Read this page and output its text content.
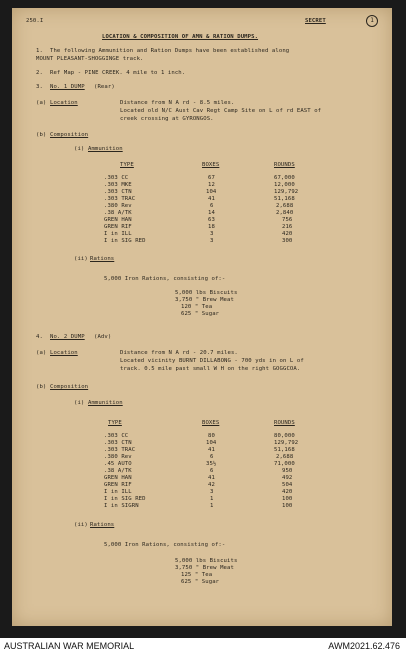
250.I	SECRET	1
LOCATION & COMPOSITION OF AMN & RATION DUMPS.
1. The following Ammunition and Ration Dumps have been established along
MOUNT PLEASANT-SHOGGINGE track.
2. Ref Map - PINE CREEK. 4 mile to 1 inch.
3. No. 1 DUMP (Rear)
(a) Location	Distance from N A rd - 8.5 miles.
Located old N/C Aust Cav Regt Camp Site on L of rd EAST of
creek crossing at GYRONGOS.
(b) Composition
(i) Ammunition
TYPE	BOXES	ROUNDS
.303 CC	67	67,000
.303 MKE	12	12,000
.303 CTN	104	129,792
.303 TRAC	41	51,168
.380 Rev	6	2,688
.38 A/TK	14	2,840
GREN HAN	63	756
GREN RIF	18	216
I in ILL	3	420
I in SIG RED	3	300
(ii) Rations
5,000 Iron Rations, consisting of:-
5,000 lbs Biscuits
3,750 " Brew Meat
120 " Tea
625 " Sugar
4. No. 2 DUMP (Adv)
(a) Location	Distance from N A rd - 20.7 miles.
Located vicinity BURNT DILLABONG - 700 yds in on L of
track. 0.5 mile past small W H on the right GOGGCOA.
(b) Composition
(i) Ammunition
TYPE	BOXES	ROUNDS
.303 CC	80	80,000
.303 CTN	104	129,792
.303 TRAC	41	51,168
.380 Rev	6	2,688
.45 AUTO	35½	71,000
.38 A/TK	6	950
GREN HAN	41	492
GREN RIF	42	504
I in ILL	3	420
I in SIG RED	1	100
I in SIGRN	1	100
(ii) Rations
5,000 Iron Rations, consisting of:-
5,000 lbs Biscuits
3,750 " Brew Meat
125 " Tea
625 " Sugar
AUSTRALIAN WAR MEMORIAL	AWM2021.62.476
